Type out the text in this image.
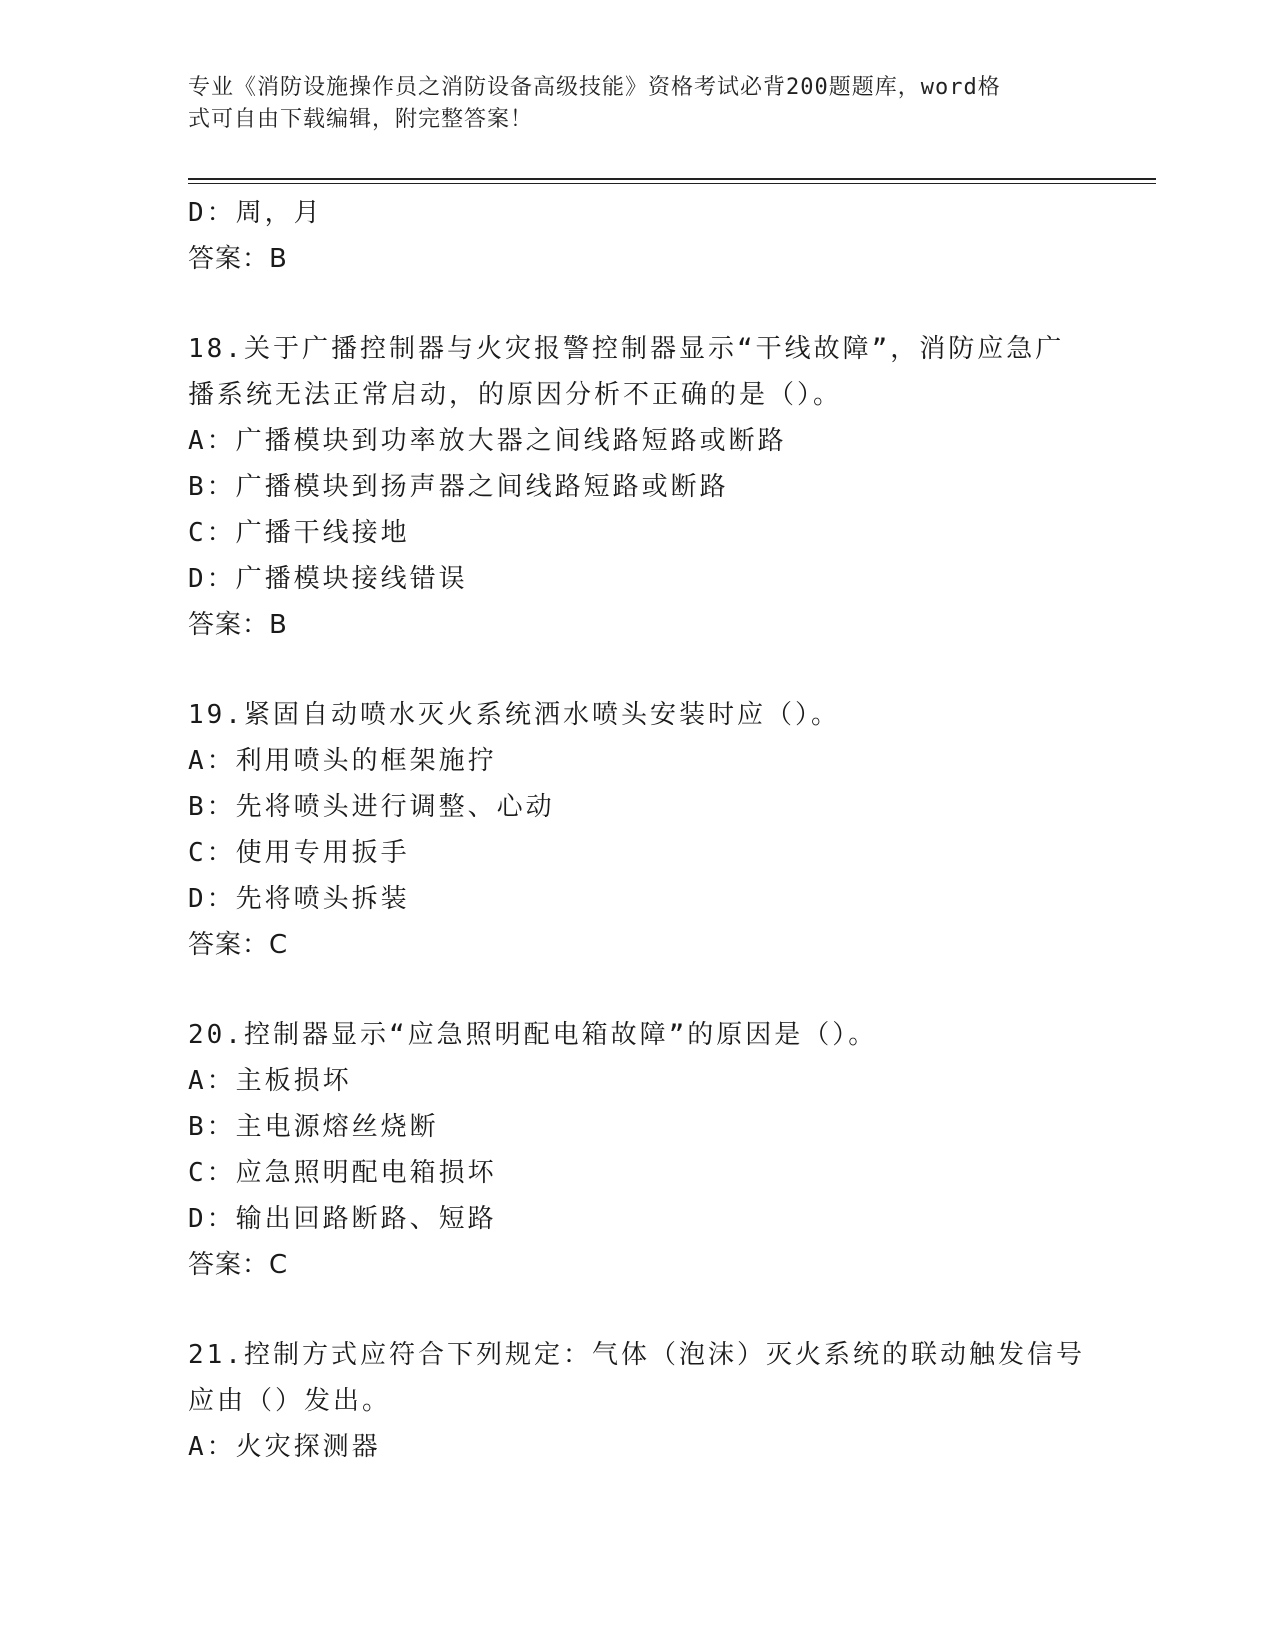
专业《消防设施操作员之消防设备高级技能》资格考试必背200题题库，word格
式可自由下载编辑，附完整答案！
D：周，月
答案：B
18.关于广播控制器与火灾报警控制器显示“干线故障”，消防应急广
播系统无法正常启动，的原因分析不正确的是（）。
A：广播模块到功率放大器之间线路短路或断路
B：广播模块到扬声器之间线路短路或断路
C：广播干线接地
D：广播模块接线错误
答案：B
19.紧固自动喷水灭火系统洒水喷头安装时应（）。
A：利用喷头的框架施拧
B：先将喷头进行调整、心动
C：使用专用扳手
D：先将喷头拆装
答案：C
20.控制器显示“应急照明配电箱故障”的原因是（）。
A：主板损坏
B：主电源熔丝烧断
C：应急照明配电箱损坏
D：输出回路断路、短路
答案：C
21.控制方式应符合下列规定：气体（泡沫）灭火系统的联动触发信号
应由（）发出。
A：火灾探测器
